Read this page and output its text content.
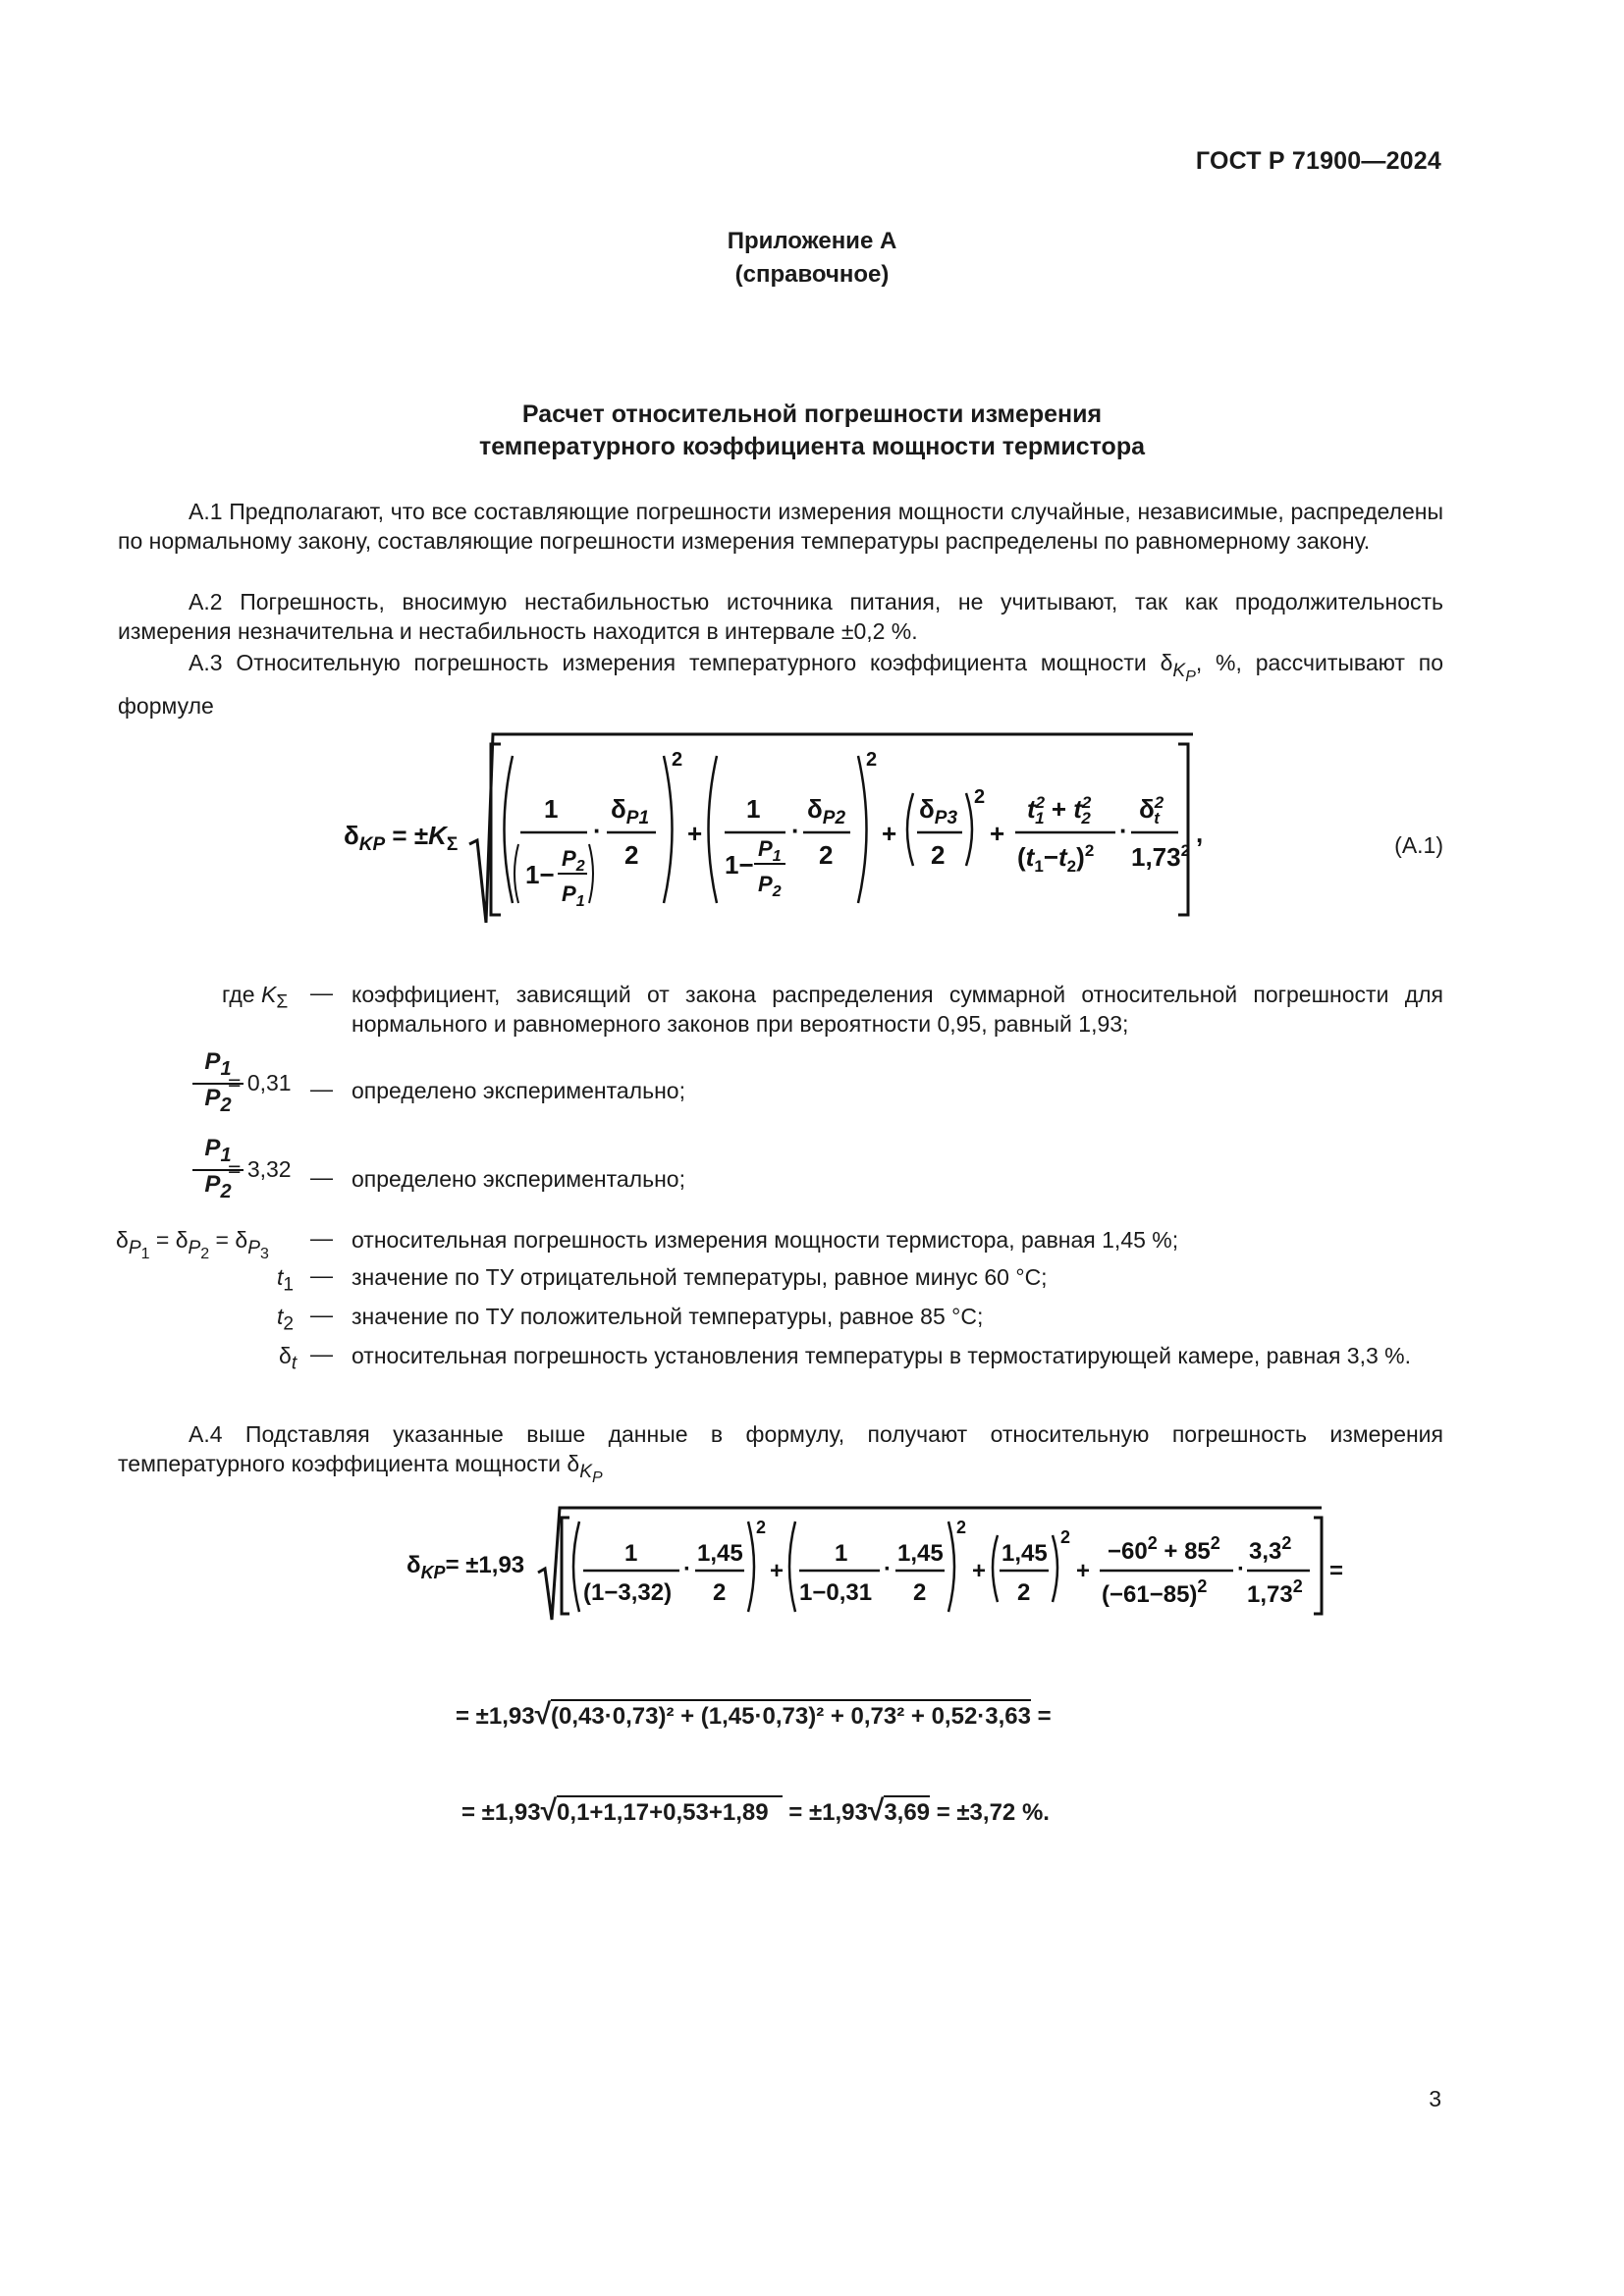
ГОСТ Р 71900—2024
Приложение А
(справочное)
Расчет относительной погрешности измерения
температурного коэффициента мощности термистора
А.1 Предполагают, что все составляющие погрешности измерения мощности случайные, независимые, распределены по нормальному закону, составляющие погрешности измерения температуры распределены по равномерному закону.
А.2 Погрешность, вносимую нестабильностью источника питания, не учитывают, так как продолжительность измерения незначительна и нестабильность находится в интервале ±0,2 %.
А.3 Относительную погрешность измерения температурного коэффициента мощности $\delta_{K_P}$, %, рассчитывают по формуле
$\delta_{KP} = \pm K_\Sigma$
1
1−
$P_2$
$P_1$
·
$\delta_{P1}$
2
2
+
1
1−
$P_1$
$P_2$
·
$\delta_{P2}$
2
2
+
$\delta_{P3}$
2
2
+
$t^2$ $1 + t^2$ 2
$(t_1-t_2)^2$
·
$\delta^2$ t
1,73$^2$
,	(А.1)
где $K_\Sigma$ — коэффициент, зависящий от закона распределения суммарной относительной погрешности для нормального и равномерного законов при вероятности 0,95, равный 1,93;
$P_1$
$P_2$
= 0,31 — определено экспериментально;
$P_1$
$P_2$
= 3,32 — определено экспериментально;
$\delta_{P_1} = \delta_{P_2} = \delta_{P_3}$
— относительная погрешность измерения мощности термистора, равная 1,45 %;
$t_1$ — значение по ТУ отрицательной температуры, равное минус 60 °С;
$t_2$ — значение по ТУ положительной температуры, равное 85 °С;
$\delta_t$ — относительная погрешность установления температуры в термостатирующей камере, равная 3,3 %.
А.4 Подставляя указанные выше данные в формулу, получают относительную погрешность измерения температурного коэффициента мощности $\delta_{K_P}$
$\delta_{KP}= \pm 1,93$	1
(1−3,32)
·
1,45
2
2
+
1
1−0,31
·
1,45
2
2
+
1,45
2
2
+
$-60^2 + 85^2$
$(-61-85)^2$
·
$3,3^2$
$1,73^2$
=
= ±1,93√(0,43·0,73)² + (1,45·0,73)² + 0,73² + 0,52·3,63 =
= ±1,93√0,1+1,17+0,53+1,89 = ±1,93√3,69 = ±3,72 %.
3
